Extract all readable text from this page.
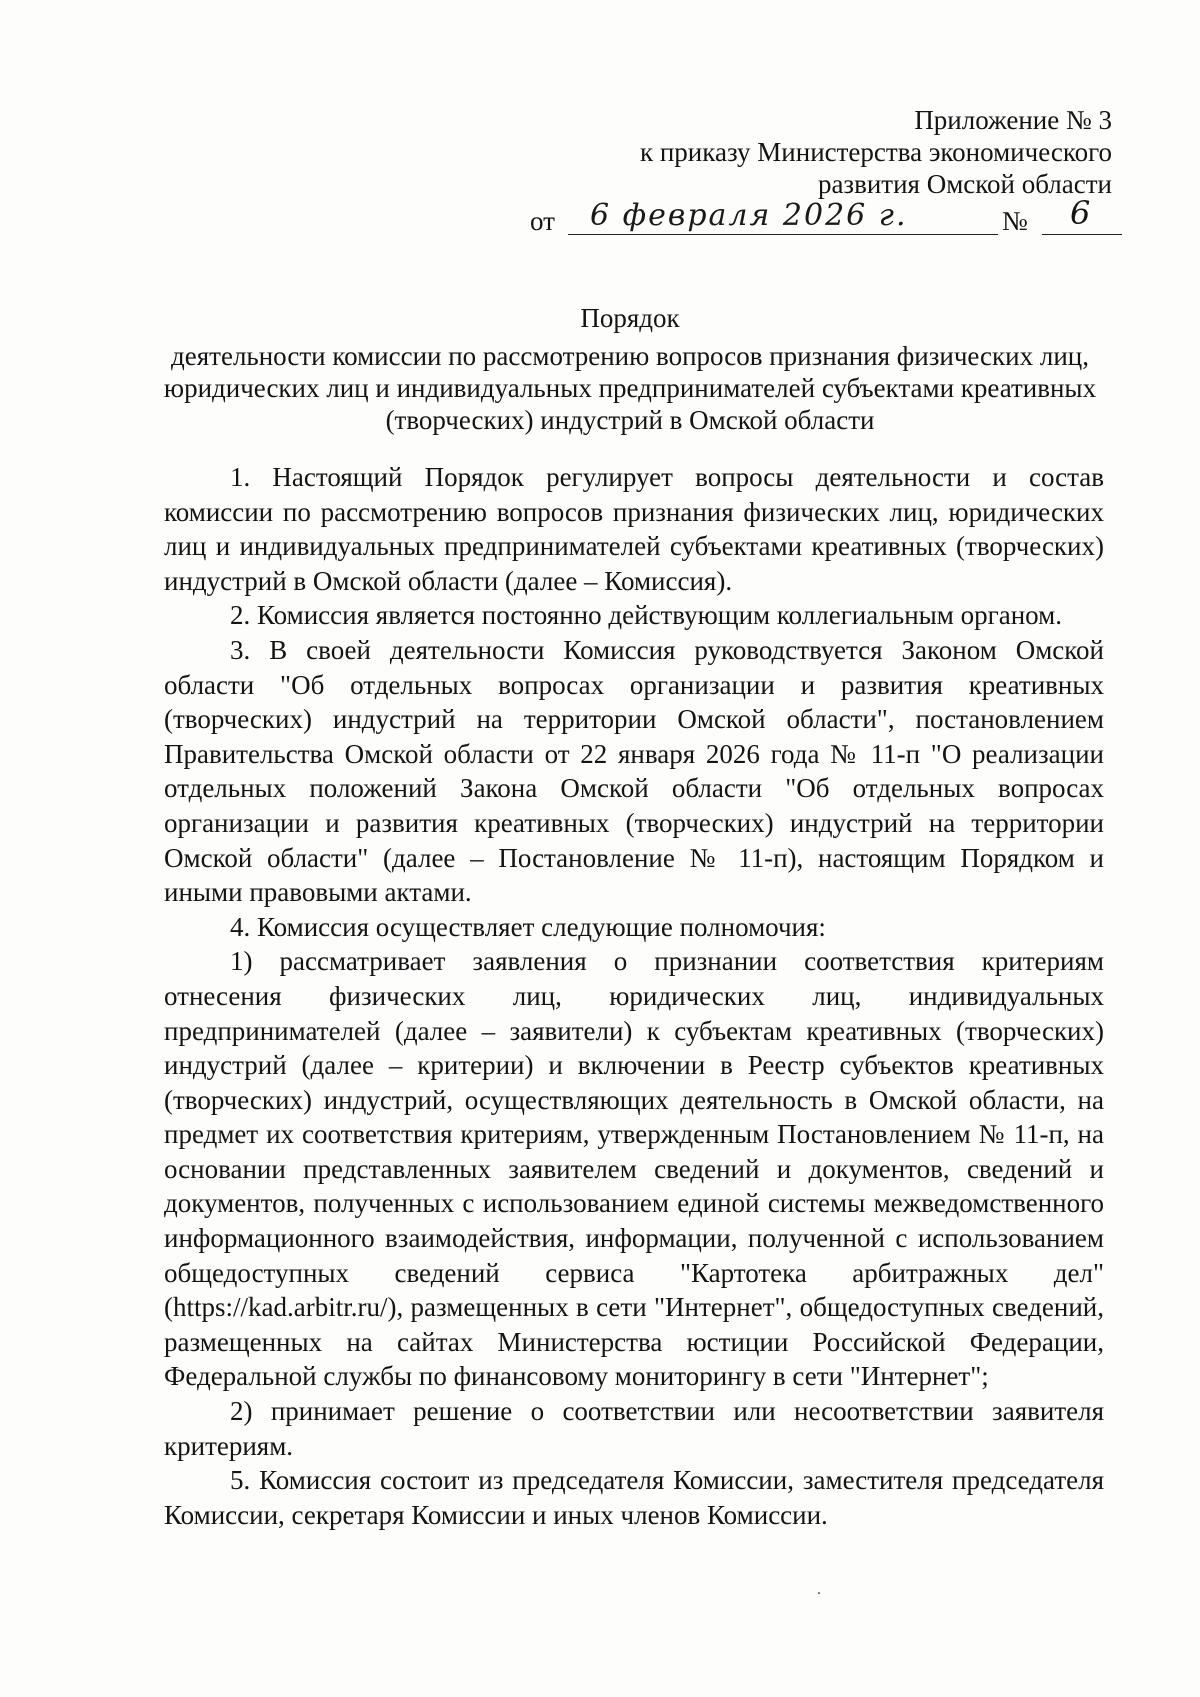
Приложение № 3
к приказу Министерства экономического
развития Омской области
от 6 февраля 2026 г.	№ 6
Порядок
деятельности комиссии по рассмотрению вопросов признания физических лиц, юридических лиц и индивидуальных предпринимателей субъектами креативных (творческих) индустрий в Омской области

1. Настоящий Порядок регулирует вопросы деятельности и состав комиссии по рассмотрению вопросов признания физических лиц, юридических лиц и индивидуальных предпринимателей субъектами креативных (творческих) индустрий в Омской области (далее – Комиссия).

2. Комиссия является постоянно действующим коллегиальным органом.

3. В своей деятельности Комиссия руководствуется Законом Омской области "Об отдельных вопросах организации и развития креативных (творческих) индустрий на территории Омской области", постановлением Правительства Омской области от 22 января 2026 года № 11-п "О реализации отдельных положений Закона Омской области "Об отдельных вопросах организации и развития креативных (творческих) индустрий на территории Омской области" (далее – Постановление № 11-п), настоящим Порядком и иными правовыми актами.

4. Комиссия осуществляет следующие полномочия:

1) рассматривает заявления о признании соответствия критериям отнесения физических лиц, юридических лиц, индивидуальных предпринимателей (далее – заявители) к субъектам креативных (творческих) индустрий (далее – критерии) и включении в Реестр субъектов креативных (творческих) индустрий, осуществляющих деятельность в Омской области, на предмет их соответствия критериям, утвержденным Постановлением № 11-п, на основании представленных заявителем сведений и документов, сведений и документов, полученных с использованием единой системы межведомственного информационного взаимодействия, информации, полученной с использованием общедоступных сведений сервиса "Картотека арбитражных дел" (https://kad.arbitr.ru/), размещенных в сети "Интернет", общедоступных сведений, размещенных на сайтах Министерства юстиции Российской Федерации, Федеральной службы по финансовому мониторингу в сети "Интернет";

2) принимает решение о соответствии или несоответствии заявителя критериям.

5. Комиссия состоит из председателя Комиссии, заместителя председателя Комиссии, секретаря Комиссии и иных членов Комиссии.
